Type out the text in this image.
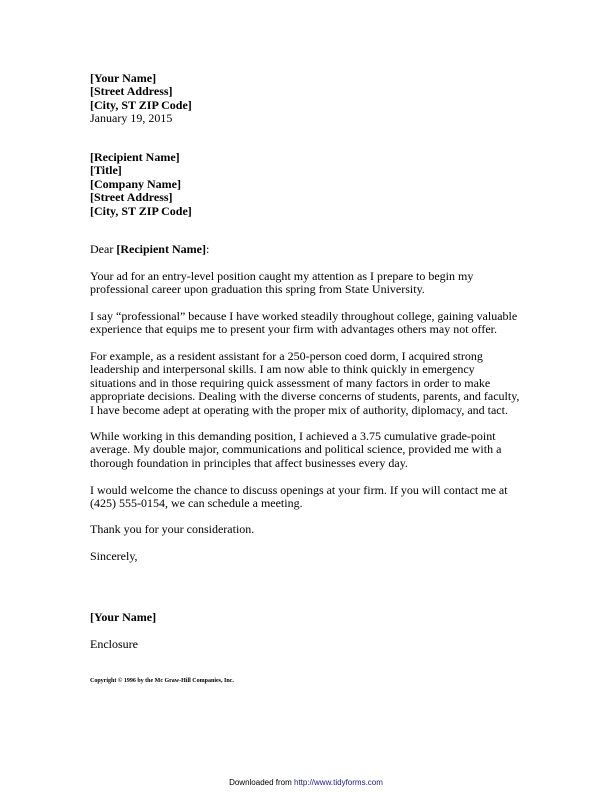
[Your Name]
[Street Address]
[City, ST ZIP Code]
January 19, 2015
[Recipient Name]
[Title]
[Company Name]
[Street Address]
[City, ST ZIP Code]
Dear [Recipient Name]:
Your ad for an entry-level position caught my attention as I prepare to begin my
professional career upon graduation this spring from State University.
I say “professional” because I have worked steadily throughout college, gaining valuable
experience that equips me to present your firm with advantages others may not offer.
For example, as a resident assistant for a 250-person coed dorm, I acquired strong
leadership and interpersonal skills. I am now able to think quickly in emergency
situations and in those requiring quick assessment of many factors in order to make
appropriate decisions. Dealing with the diverse concerns of students, parents, and faculty,
I have become adept at operating with the proper mix of authority, diplomacy, and tact.
While working in this demanding position, I achieved a 3.75 cumulative grade-point
average. My double major, communications and political science, provided me with a
thorough foundation in principles that affect businesses every day.
I would welcome the chance to discuss openings at your firm. If you will contact me at
(425) 555-0154, we can schedule a meeting.
Thank you for your consideration.
Sincerely,
[Your Name]
Enclosure
Copyright © 1996 by the Mc Graw-Hill Companies, Inc.
Downloaded from http://www.tidyforms.com
